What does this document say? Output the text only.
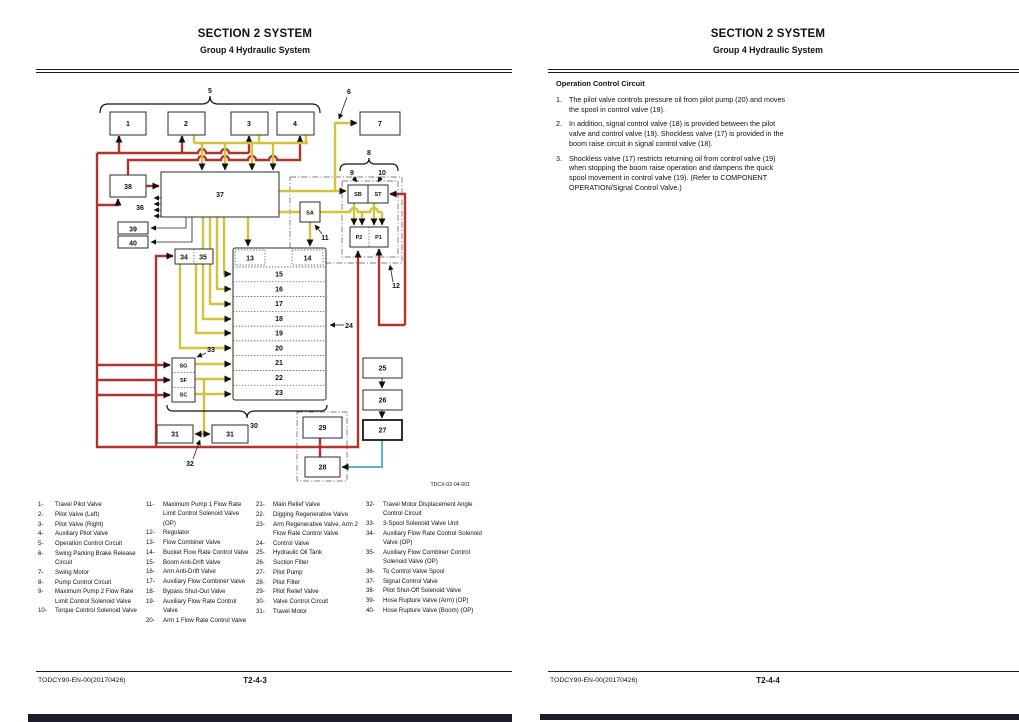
SECTION 2 SYSTEM
Group 4 Hydraulic System
1	2	3	4	7
5	6
8
9	10
38
37
36
39
40
34 35
SB ST
SA
P2 P1
11
12
13	14
15
16
17
18
19
20
21
22
23
24
33
SG
SF
SC
30
31	31
32
25
26
27
29
28
TDCX-02-04-001
1- Travel Pilot Valve
2- Pilot Valve (Left)
3- Pilot Valve (Right)
4- Auxiliary Pilot Valve
5- Operation Control Circuit
6- Swing Parking Brake Release Circuit
7- Swing Motor
8- Pump Control Circuit
9- Maximum Pump 2 Flow Rate Limit Control Solenoid Valve
10- Torque Control Solenoid Valve
11- Maximum Pump 1 Flow Rate Limit Control Solenoid Valve (OP)
12- Regulator
13- Flow Combiner Valve
14- Bucket Flow Rate Control Valve
15- Boom Anti-Drift Valve
16- Arm Anti-Drift Valve
17- Auxiliary Flow Combiner Valve
18- Bypass Shut-Out Valve
19- Auxiliary Flow Rate Control Valve
20- Arm 1 Flow Rate Control Valve
21- Main Relief Valve
22- Digging Regenerative Valve
23- Arm Regenerative Valve, Arm 2 Flow Rate Control Valve
24- Control Valve
25- Hydraulic Oil Tank
26- Suction Filter
27- Pilot Pump
28- Pilot Filter
29- Pilot Relief Valve
30- Valve Control Circuit
31- Travel Motor
32- Travel Motor Displacement Angle Control Circuit
33- 3-Spool Solenoid Valve Unit
34- Auxiliary Flow Rate Control Solenoid Valve (OP)
35- Auxiliary Flow Combiner Control Solenoid Valve (OP)
36- To Control Valve Spool
37- Signal Control Valve
38- Pilot Shut-Off Solenoid Valve
39- Hose Rupture Valve (Arm) (OP)
40- Hose Rupture Valve (Boom) (OP)
TODCY90-EN-00(20170426)	T2-4-3
SECTION 2 SYSTEM
Group 4 Hydraulic System
Operation Control Circuit
1. The pilot valve controls pressure oil from pilot pump (20) and moves the spool in control valve (19).
2. In addition, signal control valve (18) is provided between the pilot valve and control valve (19). Shockless valve (17) is provided in the boom raise circuit in signal control valve (18).
3. Shockless valve (17) restricts returning oil from control valve (19) when stopping the boom raise operation and dampens the quick spool movement in control valve (19). (Refer to COMPONENT OPERATION/Signal Control Valve.)
TODCY90-EN-00(20170426)	T2-4-4
